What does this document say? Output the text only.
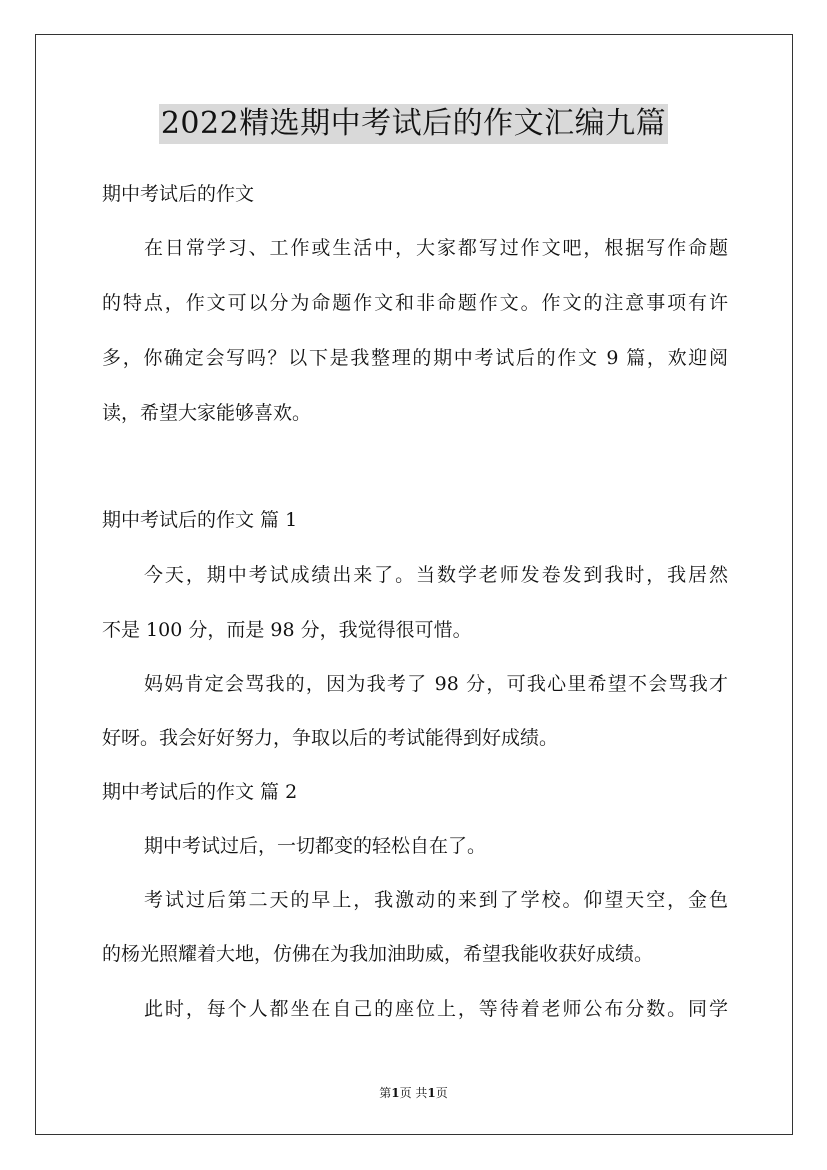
2022精选期中考试后的作文汇编九篇

期中考试后的作文

在日常学习、工作或生活中，大家都写过作文吧，根据写作命题

的特点，作文可以分为命题作文和非命题作文。作文的注意事项有许

多，你确定会写吗？以下是我整理的期中考试后的作文 9 篇，欢迎阅

读，希望大家能够喜欢。

期中考试后的作文 篇 1

今天，期中考试成绩出来了。当数学老师发卷发到我时，我居然

不是 100 分，而是 98 分，我觉得很可惜。

妈妈肯定会骂我的，因为我考了 98 分，可我心里希望不会骂我才

好呀。我会好好努力，争取以后的考试能得到好成绩。

期中考试后的作文 篇 2

期中考试过后，一切都变的轻松自在了。

考试过后第二天的早上，我激动的来到了学校。仰望天空，金色

的杨光照耀着大地，仿佛在为我加油助威，希望我能收获好成绩。

此时，每个人都坐在自己的座位上，等待着老师公布分数。同学

第1页 共1页
